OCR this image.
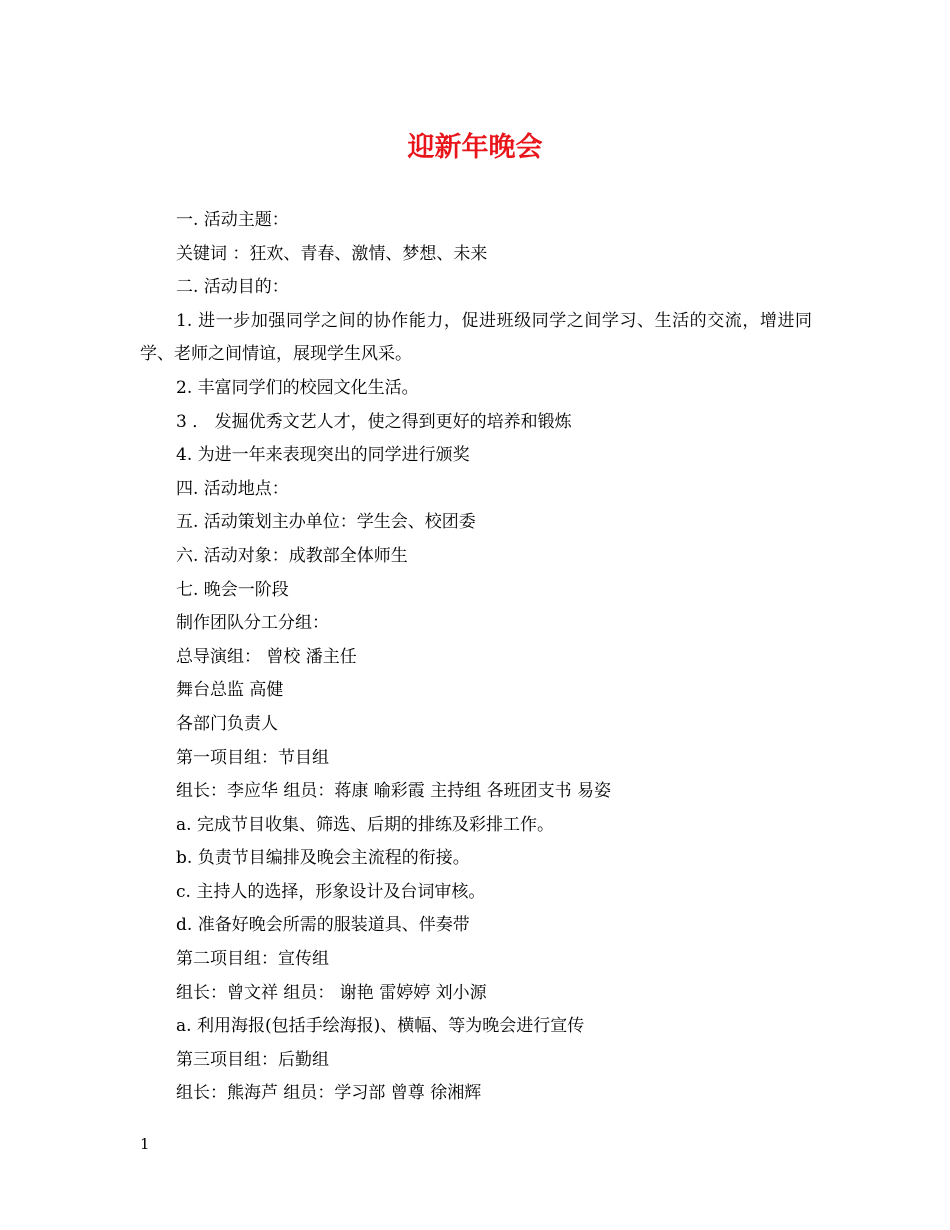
迎新年晚会

一. 活动主题：

关键词 ：狂欢、青春、激情、梦想、未来

二. 活动目的：

1. 进一步加强同学之间的协作能力，促进班级同学之间学习、生活的交流，增进同学、老师之间情谊，展现学生风采。

2. 丰富同学们的校园文化生活。

3 ． 发掘优秀文艺人才，使之得到更好的培养和锻炼

4. 为进一年来表现突出的同学进行颁奖

四. 活动地点：

五. 活动策划主办单位：学生会、校团委

六. 活动对象：成教部全体师生

七. 晚会一阶段

制作团队分工分组：

总导演组： 曾校 潘主任

舞台总监 高健

各部门负责人

第一项目组：节目组

组长：李应华 组员：蒋康 喻彩霞 主持组 各班团支书 易姿

a. 完成节目收集、筛选、后期的排练及彩排工作。

b. 负责节目编排及晚会主流程的衔接。

c. 主持人的选择，形象设计及台词审核。

d. 准备好晚会所需的服装道具、伴奏带

第二项目组：宣传组

组长：曾文祥 组员： 谢艳 雷婷婷 刘小源

a. 利用海报(包括手绘海报)、横幅、等为晚会进行宣传

第三项目组：后勤组

组长：熊海芦 组员：学习部 曾尊 徐湘辉

1
